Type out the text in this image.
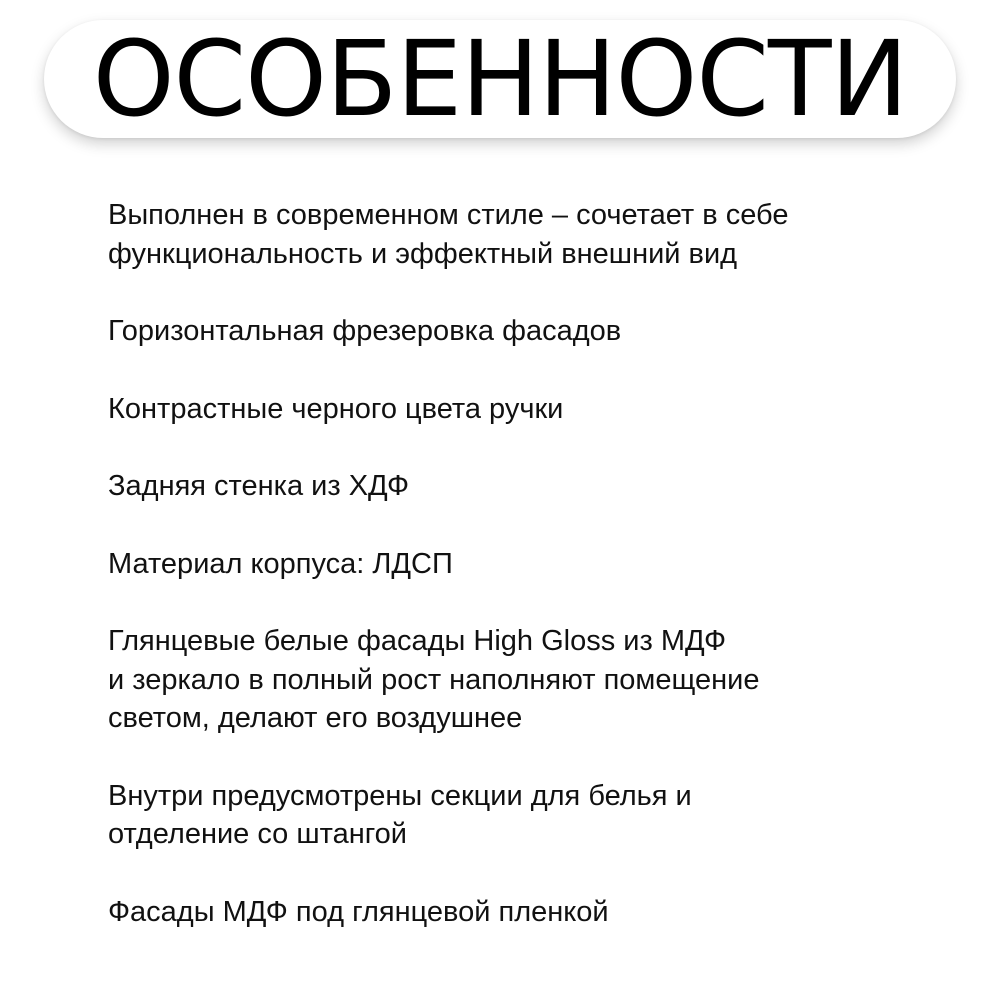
ОСОБЕННОСТИ
Выполнен в современном стиле – сочетает в себе
функциональность и эффектный внешний вид
Горизонтальная фрезеровка фасадов
Контрастные черного цвета ручки
Задняя стенка из ХДФ
Материал корпуса: ЛДСП
Глянцевые белые фасады High Gloss из МДФ
и зеркало в полный рост наполняют помещение
светом, делают его воздушнее
Внутри предусмотрены секции для белья и
отделение со штангой
Фасады МДФ под глянцевой пленкой
